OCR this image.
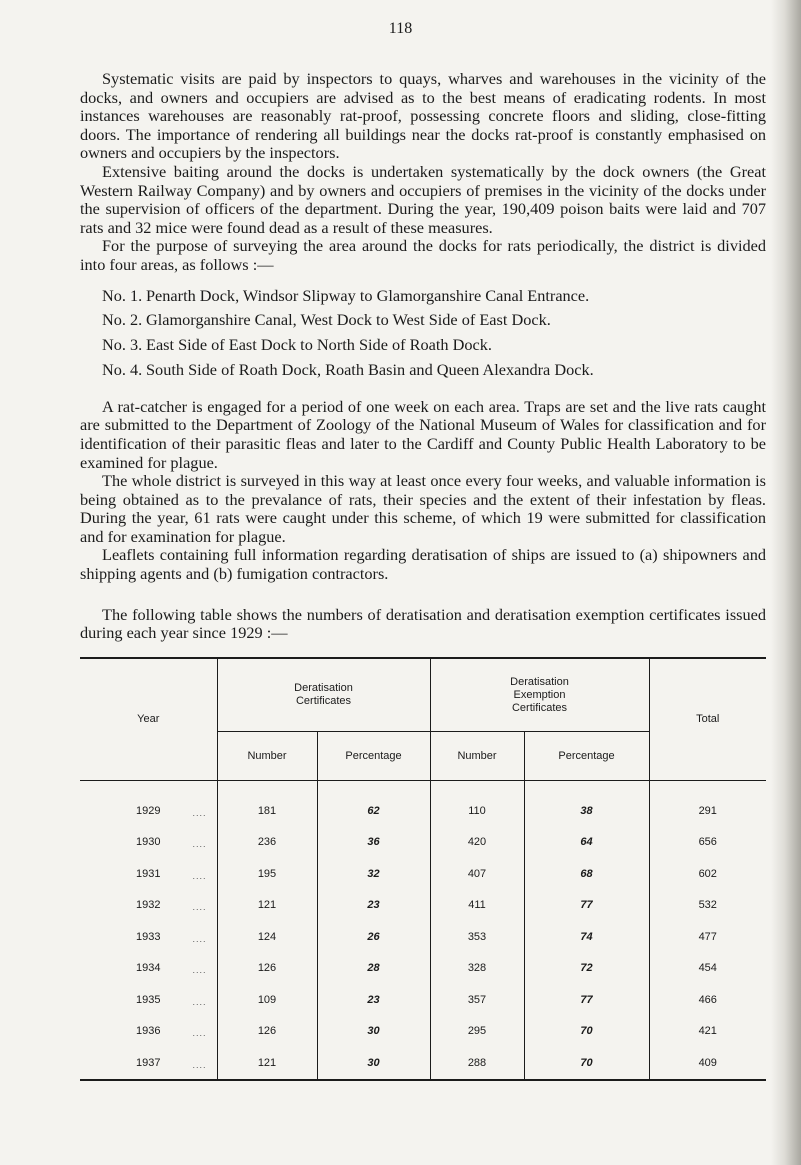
118

Systematic visits are paid by inspectors to quays, wharves and warehouses in the vicinity of the docks, and owners and occupiers are advised as to the best means of eradicating rodents. In most instances warehouses are reasonably rat-proof, possessing concrete floors and sliding, close-fitting doors. The importance of rendering all buildings near the docks rat-proof is constantly emphasised on owners and occupiers by the inspectors.

Extensive baiting around the docks is undertaken systematically by the dock owners (the Great Western Railway Company) and by owners and occupiers of premises in the vicinity of the docks under the supervision of officers of the department. During the year, 190,409 poison baits were laid and 707 rats and 32 mice were found dead as a result of these measures.

For the purpose of surveying the area around the docks for rats periodically, the district is divided into four areas, as follows :—

No. 1. Penarth Dock, Windsor Slipway to Glamorganshire Canal Entrance.
No. 2. Glamorganshire Canal, West Dock to West Side of East Dock.
No. 3. East Side of East Dock to North Side of Roath Dock.
No. 4. South Side of Roath Dock, Roath Basin and Queen Alexandra Dock.

A rat-catcher is engaged for a period of one week on each area. Traps are set and the live rats caught are submitted to the Department of Zoology of the National Museum of Wales for classification and for identification of their parasitic fleas and later to the Cardiff and County Public Health Laboratory to be examined for plague.

The whole district is surveyed in this way at least once every four weeks, and valuable information is being obtained as to the prevalance of rats, their species and the extent of their infestation by fleas. During the year, 61 rats were caught under this scheme, of which 19 were submitted for classification and for examination for plague.

Leaflets containing full information regarding deratisation of ships are issued to (a) shipowners and shipping agents and (b) fumigation contractors.

The following table shows the numbers of deratisation and deratisation exemption certificates issued during each year since 1929 :—

Year	Deratisation Certificates		Deratisation Exemption Certificates		Total
	Number	Percentage	Number	Percentage	

1929 ....	181	62	110	38	291
1930 ....	236	36	420	64	656
1931 ....	195	32	407	68	602
1932 ....	121	23	411	77	532
1933 ....	124	26	353	74	477
1934 ....	126	28	328	72	454
1935 ....	109	23	357	77	466
1936 ....	126	30	295	70	421
1937 ....	121	30	288	70	409
